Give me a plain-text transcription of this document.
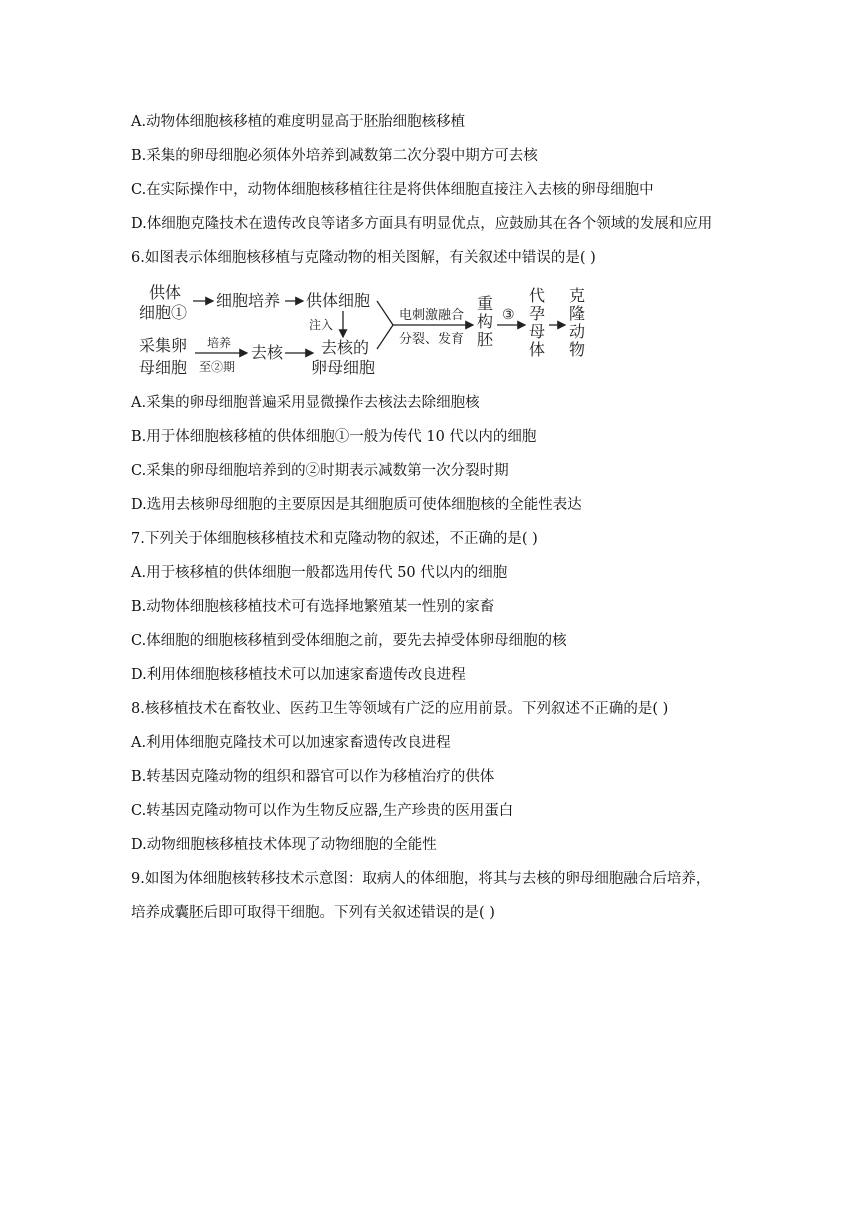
A.动物体细胞核移植的难度明显高于胚胎细胞核移植
B.采集的卵母细胞必须体外培养到减数第二次分裂中期方可去核
C.在实际操作中，动物体细胞核移植往往是将供体细胞直接注入去核的卵母细胞中
D.体细胞克隆技术在遗传改良等诸多方面具有明显优点，应鼓励其在各个领域的发展和应用
6.如图表示体细胞核移植与克隆动物的相关图解，有关叙述中错误的是( )
供体
细胞①
细胞培养 供体细胞
注入
采集卵
母细胞
培养
至②期
去核 去核的
卵母细胞
电刺激融合
分裂、发育
重
构
胚
③
代
孕
母
体
克
隆
动
物
A.采集的卵母细胞普遍采用显微操作去核法去除细胞核
B.用于体细胞核移植的供体细胞①一般为传代 10 代以内的细胞
C.采集的卵母细胞培养到的②时期表示减数第一次分裂时期
D.选用去核卵母细胞的主要原因是其细胞质可使体细胞核的全能性表达
7.下列关于体细胞核移植技术和克隆动物的叙述，不正确的是( )
A.用于核移植的供体细胞一般都选用传代 50 代以内的细胞
B.动物体细胞核移植技术可有选择地繁殖某一性别的家畜
C.体细胞的细胞核移植到受体细胞之前，要先去掉受体卵母细胞的核
D.利用体细胞核移植技术可以加速家畜遗传改良进程
8.核移植技术在畜牧业、医药卫生等领域有广泛的应用前景。下列叙述不正确的是( )
A.利用体细胞克隆技术可以加速家畜遗传改良进程
B.转基因克隆动物的组织和器官可以作为移植治疗的供体
C.转基因克隆动物可以作为生物反应器,生产珍贵的医用蛋白
D.动物细胞核移植技术体现了动物细胞的全能性
9.如图为体细胞核转移技术示意图：取病人的体细胞，将其与去核的卵母细胞融合后培养，
培养成囊胚后即可取得干细胞。下列有关叙述错误的是( )
